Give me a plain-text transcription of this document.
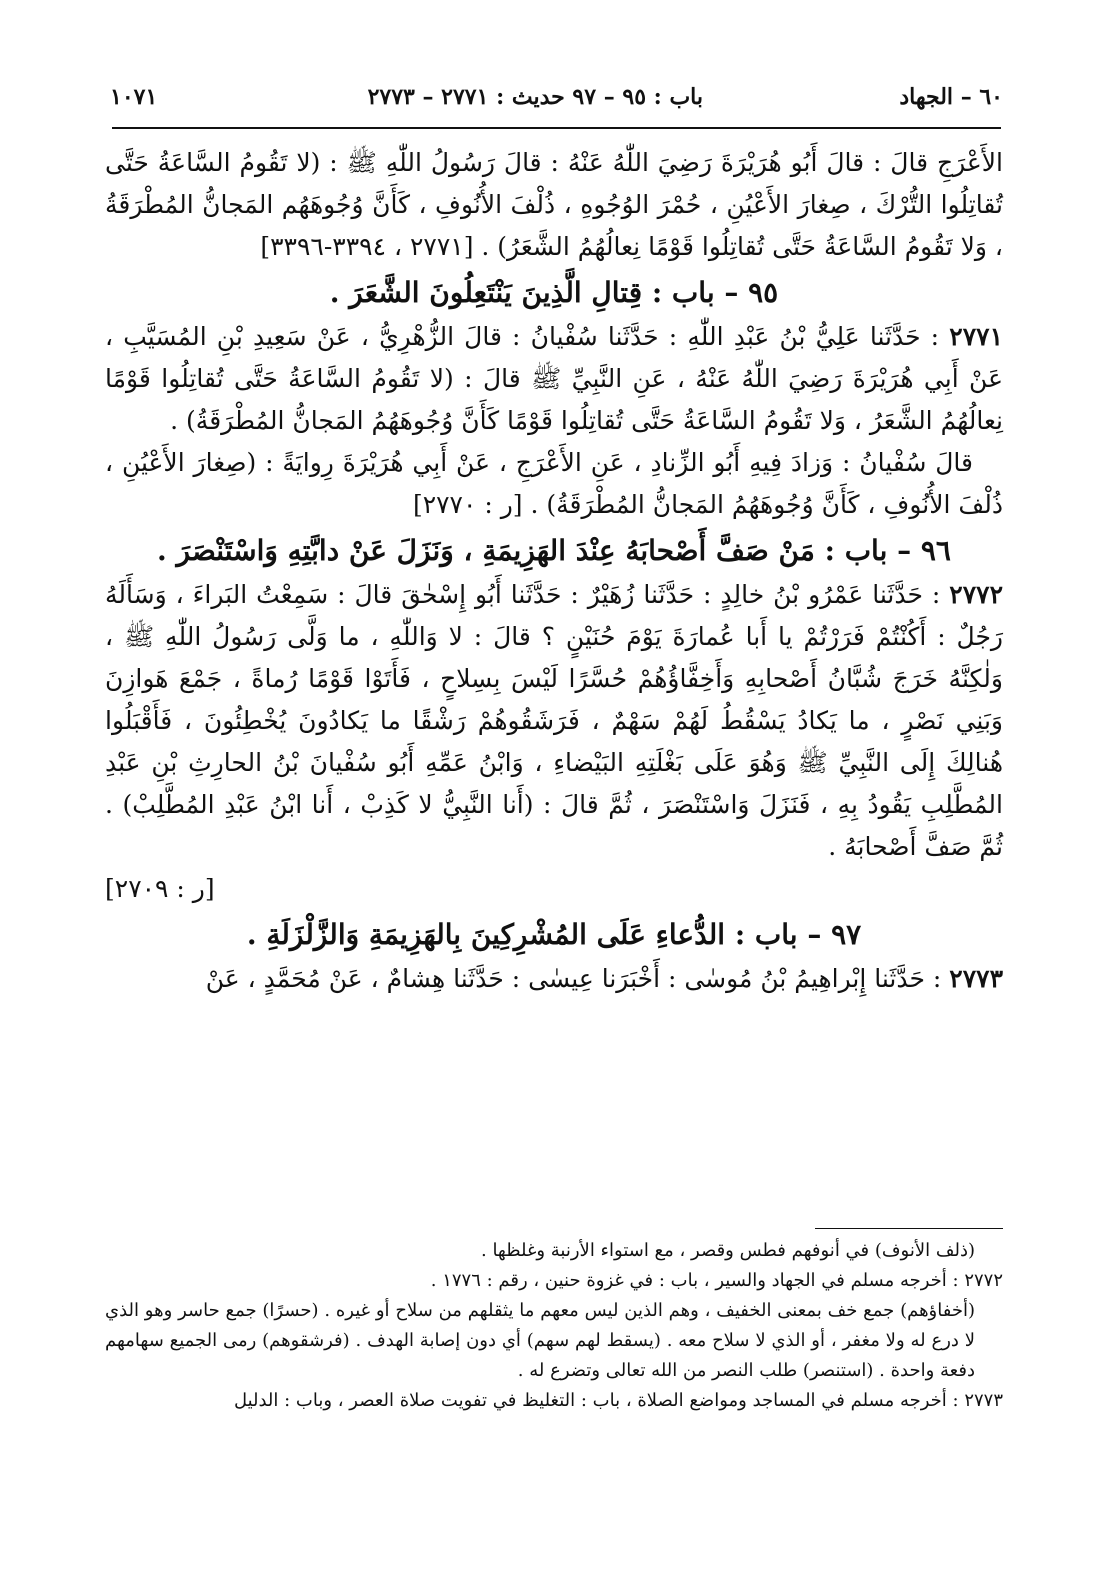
٦٠ – الجهاد
باب : ٩٥ – ٩٧ حديث : ٢٧٧١ – ٢٧٧٣
١٠٧١

الأَعْرَجِ قالَ : قالَ أَبُو هُرَيْرَةَ رَضِيَ اللّٰهُ عَنْهُ : قالَ رَسُولُ اللّٰهِ ﷺ : (لا تَقُومُ السَّاعَةُ حَتَّى تُقاتِلُوا التُّرْكَ ، صِغارَ الأَعْيُنِ ، حُمْرَ الوُجُوهِ ، ذُلْفَ الأُنُوفِ ، كَأَنَّ وُجُوهَهُم المَجانُّ المُطْرَقَةُ ، وَلا تَقُومُ السَّاعَةُ حَتَّى تُقاتِلُوا قَوْمًا نِعالُهُمُ الشَّعَرُ) . [٢٧٧١ ، ٣٣٩٤-٣٣٩٦]

٩٥ – باب : قِتالِ الَّذِينَ يَنْتَعِلُونَ الشَّعَرَ .

٢٧٧١ : حَدَّثَنا عَلِيُّ بْنُ عَبْدِ اللّٰهِ : حَدَّثَنا سُفْيانُ : قالَ الزُّهْرِيُّ ، عَنْ سَعِيدِ بْنِ المُسَيَّبِ ، عَنْ أَبِي هُرَيْرَةَ رَضِيَ اللّٰهُ عَنْهُ ، عَنِ النَّبِيِّ ﷺ قالَ : (لا تَقُومُ السَّاعَةُ حَتَّى تُقاتِلُوا قَوْمًا نِعالُهُمُ الشَّعَرُ ، وَلا تَقُومُ السَّاعَةُ حَتَّى تُقاتِلُوا قَوْمًا كَأَنَّ وُجُوهَهُمُ المَجانُّ المُطْرَقَةُ) .

قالَ سُفْيانُ : وَزادَ فِيهِ أَبُو الزِّنادِ ، عَنِ الأَعْرَجِ ، عَنْ أَبِي هُرَيْرَةَ رِوايَةً : (صِغارَ الأَعْيُنِ ، ذُلْفَ الأُنُوفِ ، كَأَنَّ وُجُوهَهُمُ المَجانُّ المُطْرَقَةُ) . [ر : ٢٧٧٠]

٩٦ – باب : مَنْ صَفَّ أَصْحابَهُ عِنْدَ الهَزِيمَةِ ، وَنَزَلَ عَنْ دابَّتِهِ وَاسْتَنْصَرَ .

٢٧٧٢ : حَدَّثَنا عَمْرُو بْنُ خالِدٍ : حَدَّثَنا زُهَيْرٌ : حَدَّثَنا أَبُو إِسْحٰقَ قالَ : سَمِعْتُ البَراءَ ، وَسَأَلَهُ رَجُلٌ : أَكُنْتُمْ فَرَرْتُمْ يا أَبا عُمارَةَ يَوْمَ حُنَيْنٍ ؟ قالَ : لا وَاللّٰهِ ، ما وَلَّى رَسُولُ اللّٰهِ ﷺ ، وَلٰكِنَّهُ خَرَجَ شُبَّانُ أَصْحابِهِ وَأَخِفَّاؤُهُمْ حُسَّرًا لَيْسَ بِسِلاحٍ ، فَأَتَوْا قَوْمًا رُماةً ، جَمْعَ هَوازِنَ وَبَنِي نَصْرٍ ، ما يَكادُ يَسْقُطُ لَهُمْ سَهْمٌ ، فَرَشَقُوهُمْ رَشْقًا ما يَكادُونَ يُخْطِئُونَ ، فَأَقْبَلُوا هُنالِكَ إِلَى النَّبِيِّ ﷺ وَهُوَ عَلَى بَغْلَتِهِ البَيْضاءِ ، وَابْنُ عَمِّهِ أَبُو سُفْيانَ بْنُ الحارِثِ بْنِ عَبْدِ المُطَّلِبِ يَقُودُ بِهِ ، فَنَزَلَ وَاسْتَنْصَرَ ، ثُمَّ قالَ : (أَنا النَّبِيُّ لا كَذِبْ ، أَنا ابْنُ عَبْدِ المُطَّلِبْ) . ثُمَّ صَفَّ أَصْحابَهُ .

[ر : ٢٧٠٩]

٩٧ – باب : الدُّعاءِ عَلَى المُشْرِكِينَ بِالهَزِيمَةِ وَالزَّلْزَلَةِ .

٢٧٧٣ : حَدَّثَنا إِبْراهِيمُ بْنُ مُوسٰى : أَخْبَرَنا عِيسٰى : حَدَّثَنا هِشامٌ ، عَنْ مُحَمَّدٍ ، عَنْ

(ذلف الأنوف) في أنوفهم فطس وقصر ، مع استواء الأرنبة وغلظها .

٢٧٧٢ : أخرجه مسلم في الجهاد والسير ، باب : في غزوة حنين ، رقم : ١٧٧٦ .

(أخفاؤهم) جمع خف بمعنى الخفيف ، وهم الذين ليس معهم ما يثقلهم من سلاح أو غيره . (حسرًا) جمع حاسر وهو الذي لا درع له ولا مغفر ، أو الذي لا سلاح معه . (يسقط لهم سهم) أي دون إصابة الهدف . (فرشقوهم) رمى الجميع سهامهم دفعة واحدة . (استنصر) طلب النصر من الله تعالى وتضرع له .

٢٧٧٣ : أخرجه مسلم في المساجد ومواضع الصلاة ، باب : التغليظ في تفويت صلاة العصر ، وباب : الدليل
